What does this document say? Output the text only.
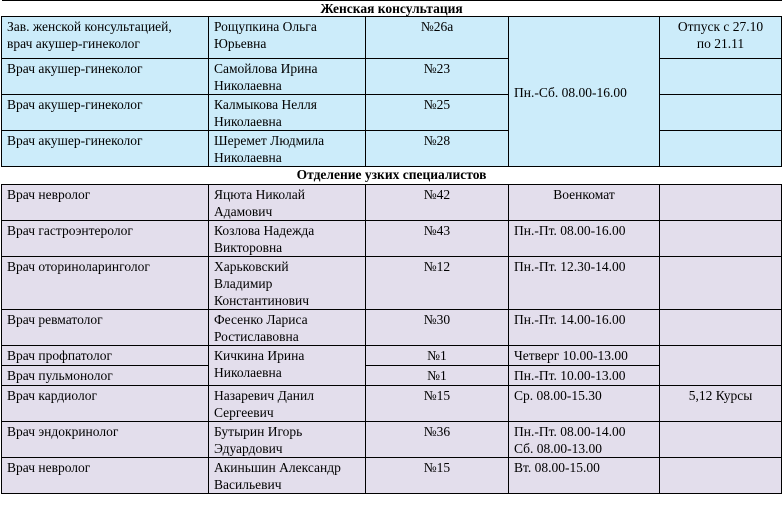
Женская консультация				

Зав. женской консультацией,
врач акушер-гинеколог	Рощупкина Ольга
Юрьевна	№26а	Пн.-Сб. 08.00-16.00	Отпуск с 27.10
по 21.11

Врач акушер-гинеколог	Самойлова Ирина
Николаевна	№23		
Врач акушер-гинеколог	Калмыкова Нелля
Николаевна	№25		
Врач акушер-гинеколог	Шеремет Людмила
Николаевна	№28		
Отделение узких специалистов				
Врач невролог	Яцюта Николай
Адамович	№42	Военкомат	
Врач гастроэнтеролог	Козлова Надежда
Викторовна	№43	Пн.-Пт. 08.00-16.00	
Врач оториноларинголог	Харьковский
Владимир
Константинович	№12	Пн.-Пт. 12.30-14.00	
Врач ревматолог	Фесенко Лариса
Ростиславовна	№30	Пн.-Пт. 14.00-16.00	
Врач профпатолог	Кичкина Ирина
Николаевна	№1	Четверг 10.00-13.00	
Врач пульмонолог		№1	Пн.-Пт. 10.00-13.00	
Врач кардиолог	Назаревич Данил
Сергеевич	№15	Ср. 08.00-15.30	5,12 Курсы
Врач эндокринолог	Бутырин Игорь
Эдуардович	№36	Пн.-Пт. 08.00-14.00
Сб. 08.00-13.00	

Врач невролог	Акиньшин Александр
Васильевич	№15	Вт. 08.00-15.00	
